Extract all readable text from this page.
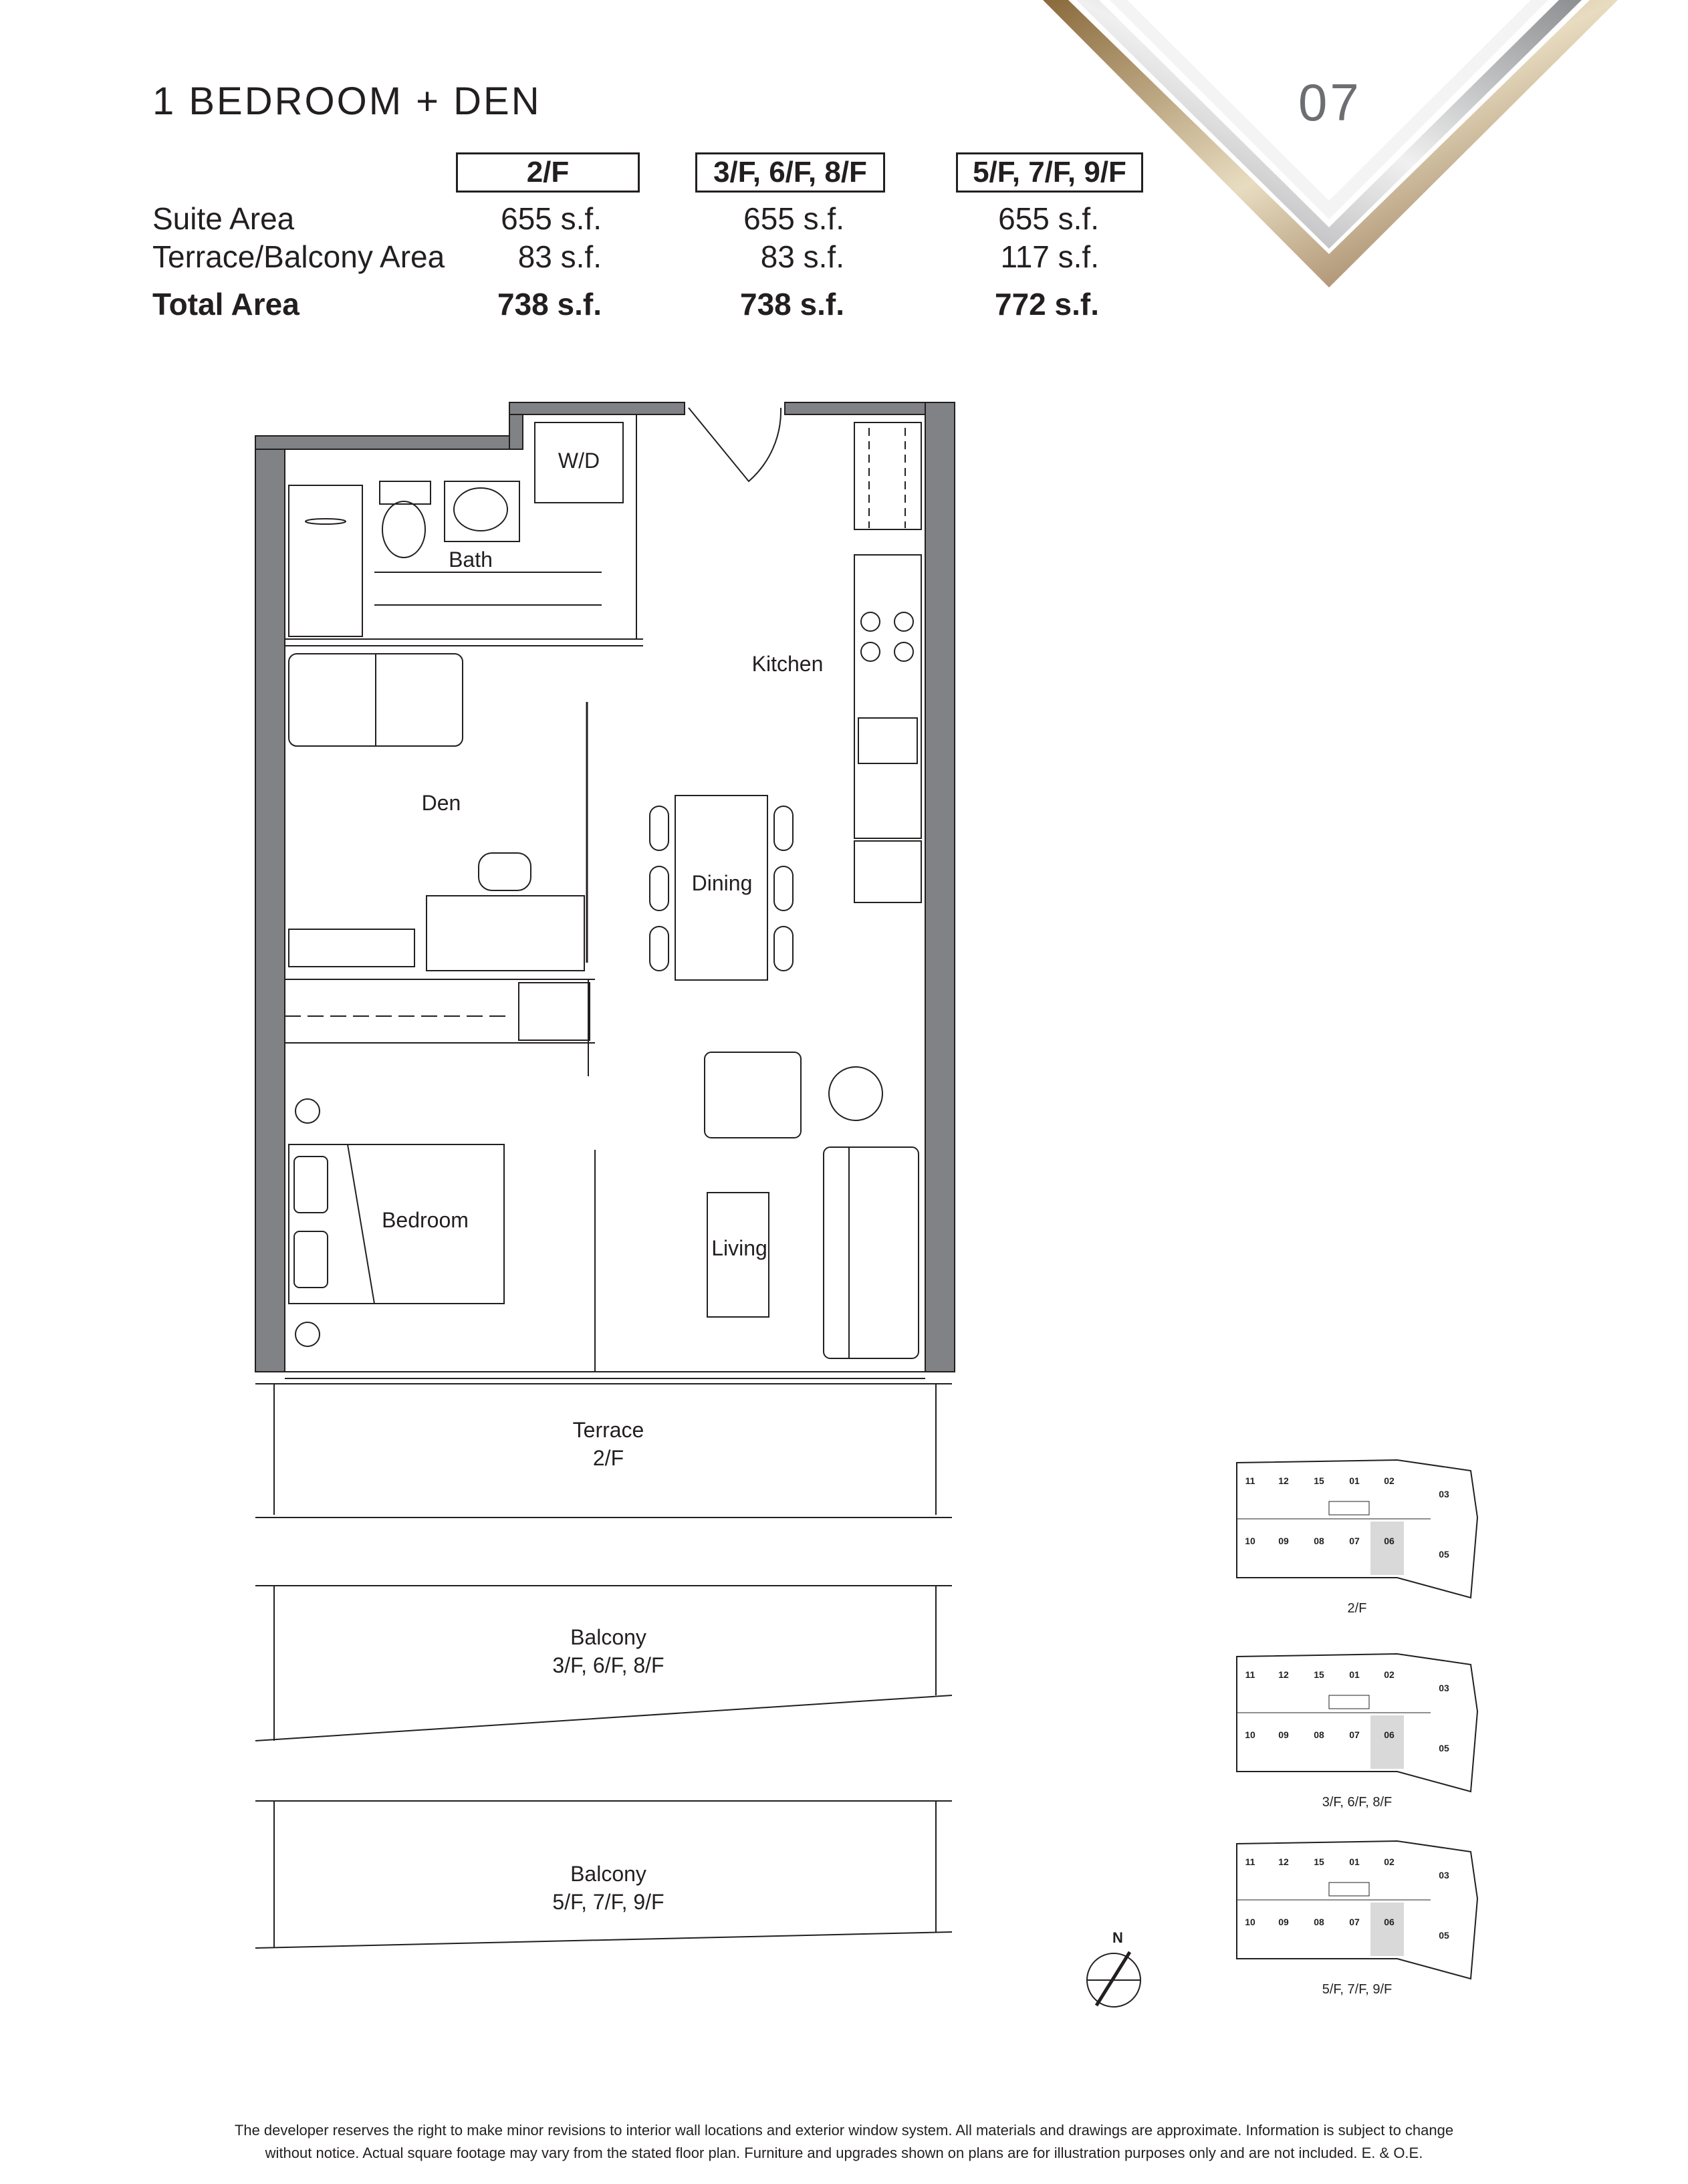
1 BEDROOM + DEN	07
2/F	3/F, 6/F, 8/F	5/F, 7/F, 9/F
Suite Area	655 s.f.	655 s.f.	655 s.f.
Terrace/Balcony Area	83 s.f.	83 s.f.	117 s.f.
Total Area	738 s.f.	738 s.f.	772 s.f.
W/D
Bath
Kitchen
Den
Dining
Bedroom
Living
Terrace
2/F
Balcony
3/F, 6/F, 8/F
Balcony
5/F, 7/F, 9/F
N
11 12	15	01	02
03
10 09	08	07	06
05
2/F
11 12	15	01	02
03
10 09	08	07	06
05
3/F, 6/F, 8/F
11 12	15	01	02
03
10 09	08	07	06
05
5/F, 7/F, 9/F
The developer reserves the right to make minor revisions to interior wall locations and exterior window system. All materials and drawings are approximate. Information is subject to change
without notice. Actual square footage may vary from the stated floor plan. Furniture and upgrades shown on plans are for illustration purposes only and are not included. E. & O.E.
